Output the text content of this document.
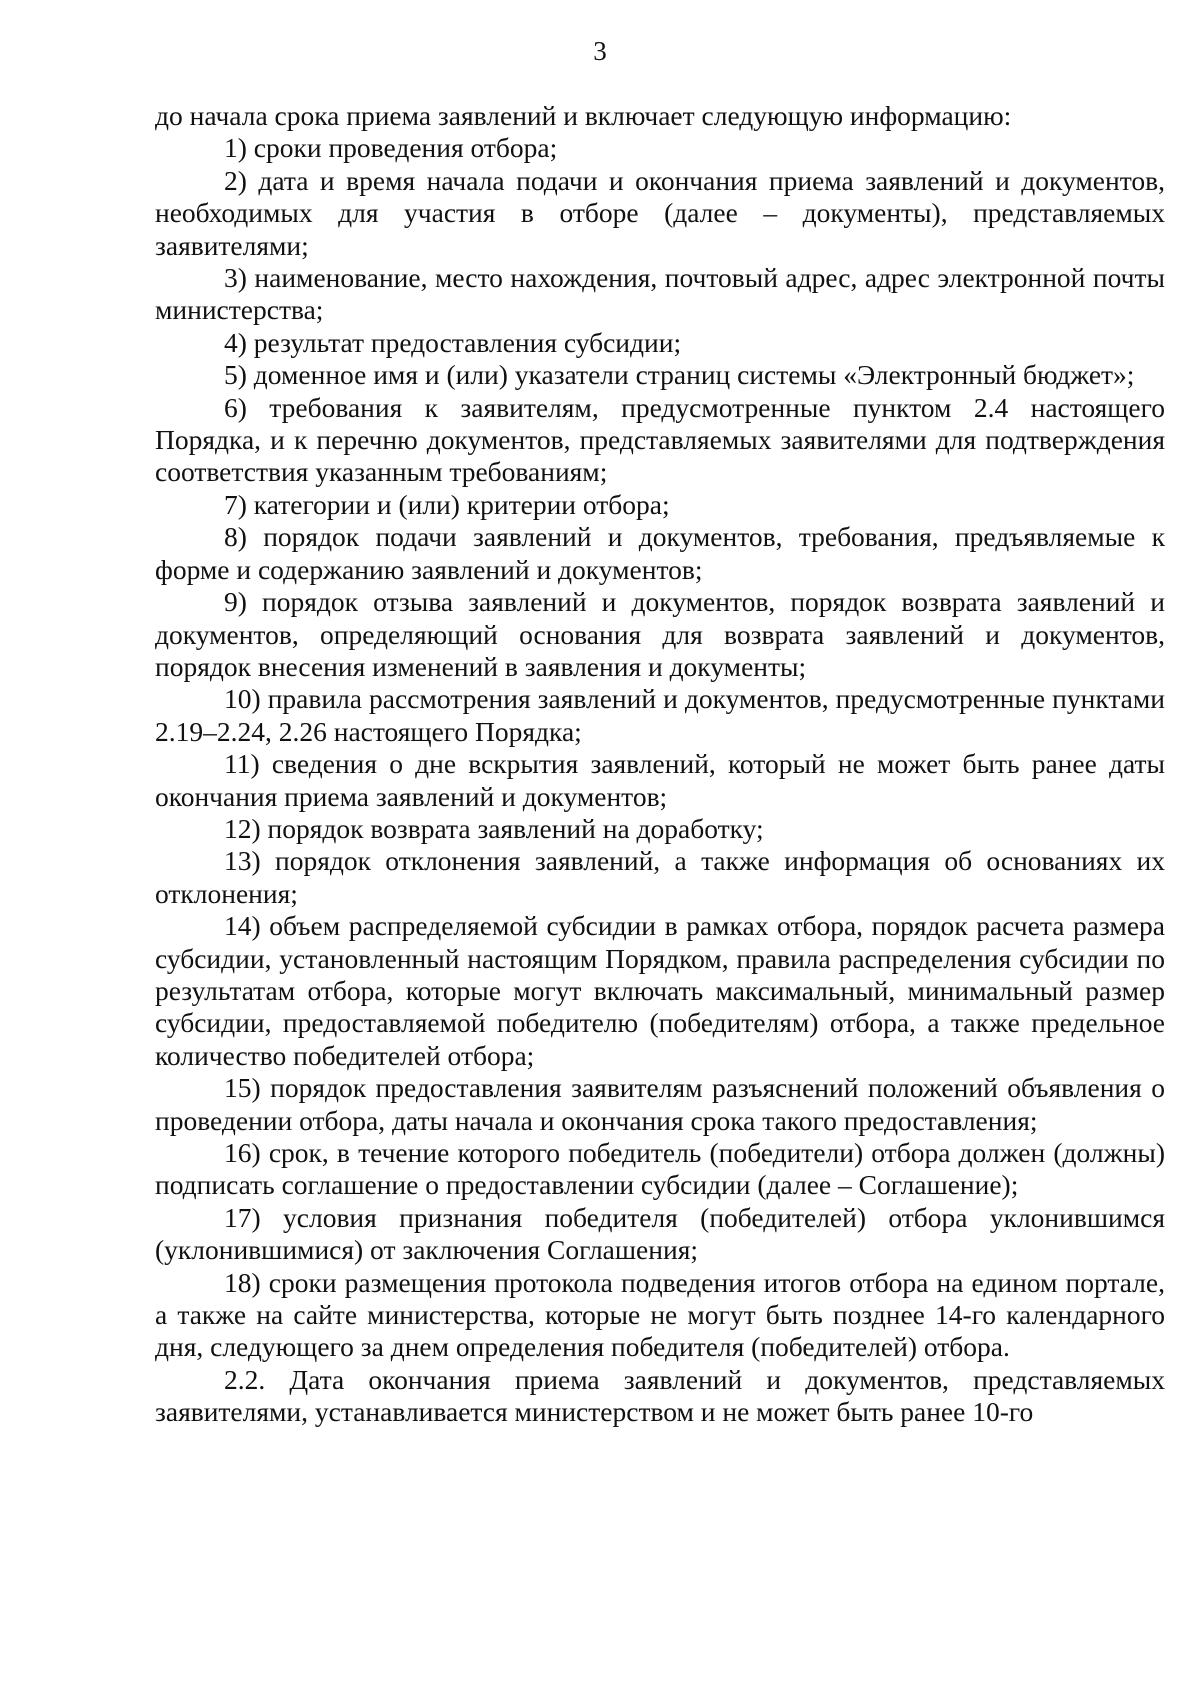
3

до начала срока приема заявлений и включает следующую информацию:

1) сроки проведения отбора;

2) дата и время начала подачи и окончания приема заявлений и документов, необходимых для участия в отборе (далее – документы), представляемых заявителями;

3) наименование, место нахождения, почтовый адрес, адрес электронной почты министерства;

4) результат предоставления субсидии;

5) доменное имя и (или) указатели страниц системы «Электронный бюджет»;

6) требования к заявителям, предусмотренные пунктом 2.4 настоящего Порядка, и к перечню документов, представляемых заявителями для подтверждения соответствия указанным требованиям;

7) категории и (или) критерии отбора;

8) порядок подачи заявлений и документов, требования, предъявляемые к форме и содержанию заявлений и документов;

9) порядок отзыва заявлений и документов, порядок возврата заявлений и документов, определяющий основания для возврата заявлений и документов, порядок внесения изменений в заявления и документы;

10) правила рассмотрения заявлений и документов, предусмотренные пунктами 2.19–2.24, 2.26 настоящего Порядка;

11) сведения о дне вскрытия заявлений, который не может быть ранее даты окончания приема заявлений и документов;

12) порядок возврата заявлений на доработку;

13) порядок отклонения заявлений, а также информация об основаниях их отклонения;

14) объем распределяемой субсидии в рамках отбора, порядок расчета размера субсидии, установленный настоящим Порядком, правила распределения субсидии по результатам отбора, которые могут включать максимальный, минимальный размер субсидии, предоставляемой победителю (победителям) отбора, а также предельное количество победителей отбора;

15) порядок предоставления заявителям разъяснений положений объявления о проведении отбора, даты начала и окончания срока такого предоставления;

16) срок, в течение которого победитель (победители) отбора должен (должны) подписать соглашение о предоставлении субсидии (далее – Соглашение);

17) условия признания победителя (победителей) отбора уклонившимся (уклонившимися) от заключения Соглашения;

18) сроки размещения протокола подведения итогов отбора на едином портале, а также на сайте министерства, которые не могут быть позднее 14-го календарного дня, следующего за днем определения победителя (победителей) отбора.

2.2. Дата окончания приема заявлений и документов, представляемых заявителями, устанавливается министерством и не может быть ранее 10-го
